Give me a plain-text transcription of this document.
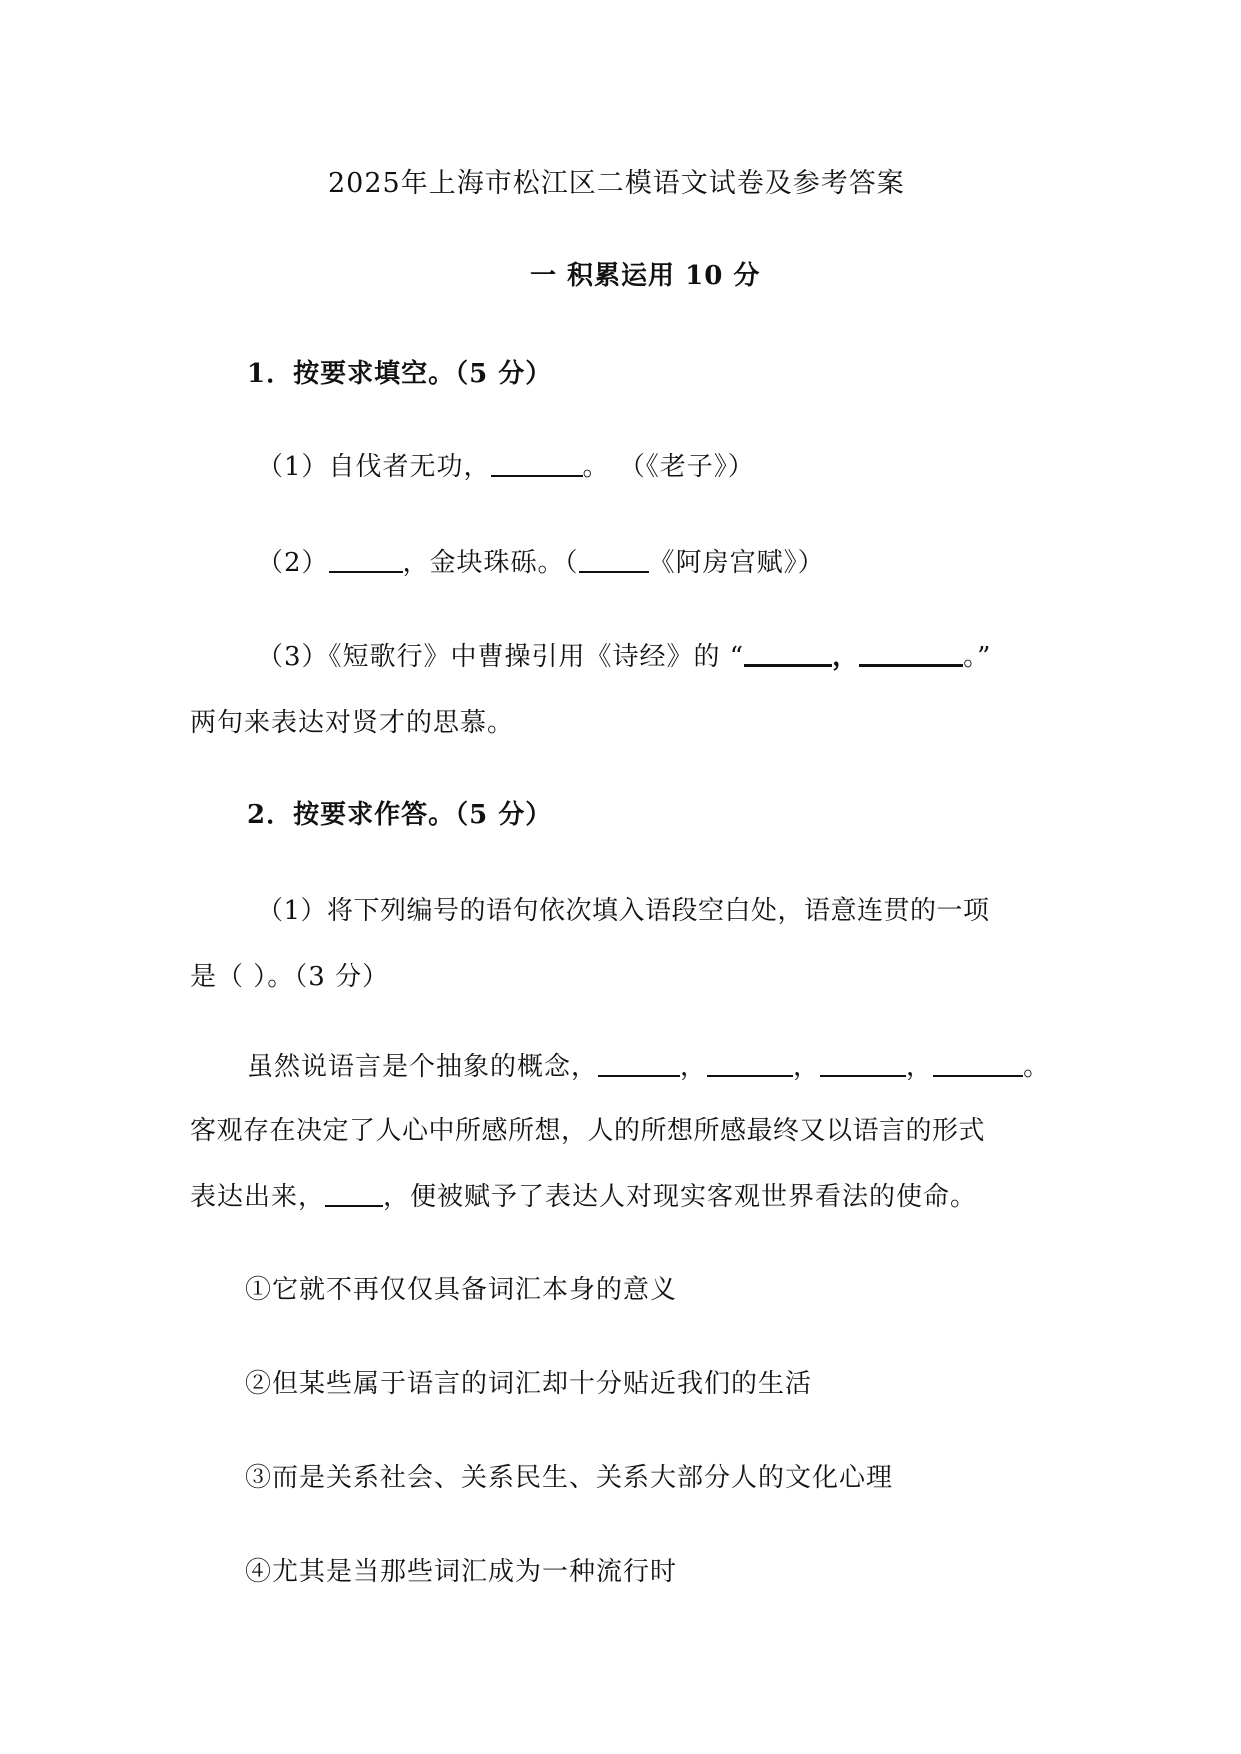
2025年上海市松江区二模语文试卷及参考答案
一 积累运用 10 分
1．按要求填空。（5 分）
（1）自伐者无功，	。 （《老子》）
（2）	，金块珠砾。（	《阿房宫赋》）
（3）《短歌行》中曹操引用《诗经》的 “	，	。”
两句来表达对贤才的思慕。
2．按要求作答。（5 分）
（1）将下列编号的语句依次填入语段空白处，语意连贯的一项
是（ ）。（3 分）
虽然说语言是个抽象的概念，	，	，	，	。
客观存在决定了人心中所感所想，人的所想所感最终又以语言的形式
表达出来， ，便被赋予了表达人对现实客观世界看法的使命。
①它就不再仅仅具备词汇本身的意义
②但某些属于语言的词汇却十分贴近我们的生活
③而是关系社会、关系民生、关系大部分人的文化心理
④尤其是当那些词汇成为一种流行时
